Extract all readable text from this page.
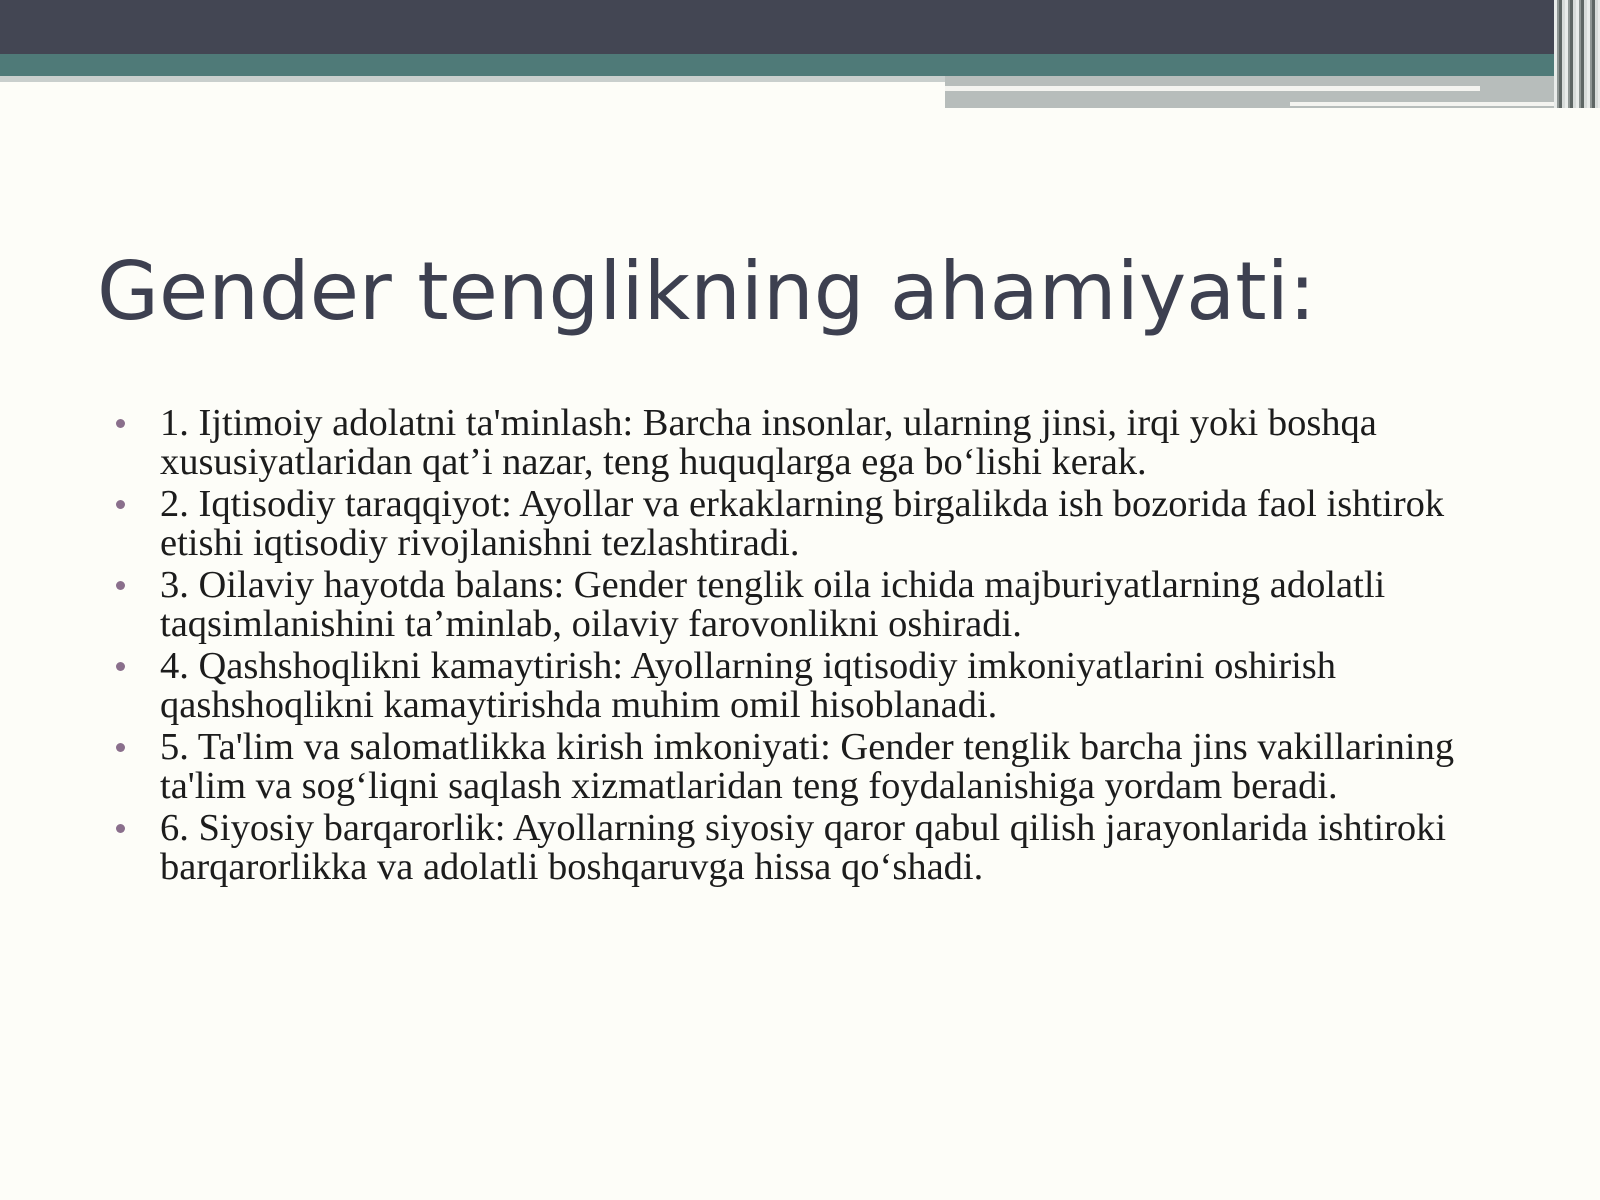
Gender tenglikning ahamiyati:
1. Ijtimoiy adolatni ta'minlash: Barcha insonlar, ularning jinsi, irqi yoki boshqa xususiyatlaridan qat’i nazar, teng huquqlarga ega bo‘lishi kerak.
2. Iqtisodiy taraqqiyot: Ayollar va erkaklarning birgalikda ish bozorida faol ishtirok etishi iqtisodiy rivojlanishni tezlashtiradi.
3. Oilaviy hayotda balans: Gender tenglik oila ichida majburiyatlarning adolatli taqsimlanishini ta’minlab, oilaviy farovonlikni oshiradi.
4. Qashshoqlikni kamaytirish: Ayollarning iqtisodiy imkoniyatlarini oshirish qashshoqlikni kamaytirishda muhim omil hisoblanadi.
5. Ta'lim va salomatlikka kirish imkoniyati: Gender tenglik barcha jins vakillarining ta'lim va sog‘liqni saqlash xizmatlaridan teng foydalanishiga yordam beradi.
6. Siyosiy barqarorlik: Ayollarning siyosiy qaror qabul qilish jarayonlarida ishtiroki barqarorlikka va adolatli boshqaruvga hissa qo‘shadi.
